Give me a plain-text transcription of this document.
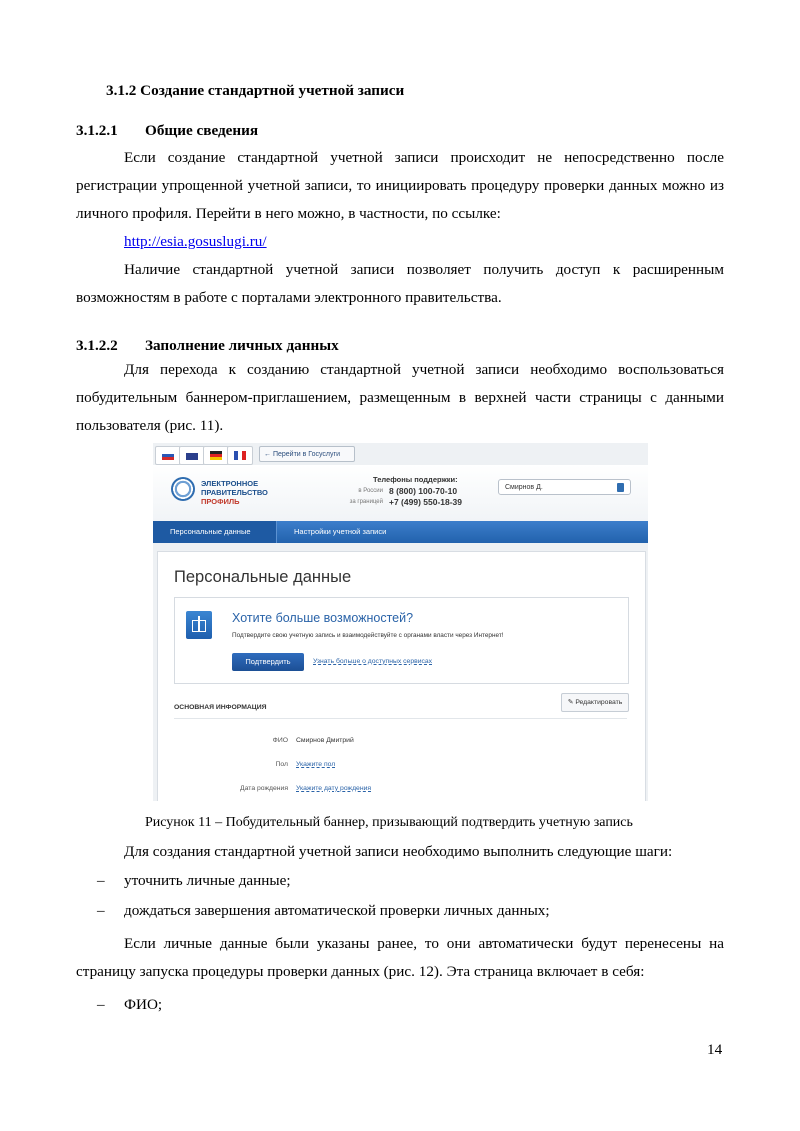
3.1.2 Создание стандартной учетной записи
3.1.2.1 Общие сведения
Если создание стандартной учетной записи происходит не непосредственно после регистрации упрощенной учетной записи, то инициировать процедуру проверки данных можно из личного профиля. Перейти в него можно, в частности, по ссылке:
http://esia.gosuslugi.ru/
Наличие стандартной учетной записи позволяет получить доступ к расширенным возможностям в работе с порталами электронного правительства.
3.1.2.2 Заполнение личных данных
Для перехода к созданию стандартной учетной записи необходимо воспользоваться побудительным баннером-приглашением, размещенным в верхней части страницы с данными пользователя (рис. 11).
← Перейти в Госуслуги
ЭЛЕКТРОННОЕ
ПРАВИТЕЛЬСТВО
ПРОФИЛЬ
Телефоны поддержки:
в России 8 (800) 100-70-10
за границей +7 (499) 550-18-39
Смирнов Д.
Персональные данные	Настройки учетной записи
Персональные данные
Хотите больше возможностей?
Подтвердите свою учетную запись и взаимодействуйте с органами власти через Интернет!
Подтвердить	Узнать больше о доступных сервисах
ОСНОВНАЯ ИНФОРМАЦИЯ
✎ Редактировать
ФИО Смирнов Дмитрий
Пол Укажите пол
Дата рождения Укажите дату рождения
Рисунок 11 – Побудительный баннер, призывающий подтвердить учетную запись
Для создания стандартной учетной записи необходимо выполнить следующие шаги:
– уточнить личные данные;
– дождаться завершения автоматической проверки личных данных;
Если личные данные были указаны ранее, то они автоматически будут перенесены на страницу запуска процедуры проверки данных (рис. 12). Эта страница включает в себя:
– ФИО;
14
